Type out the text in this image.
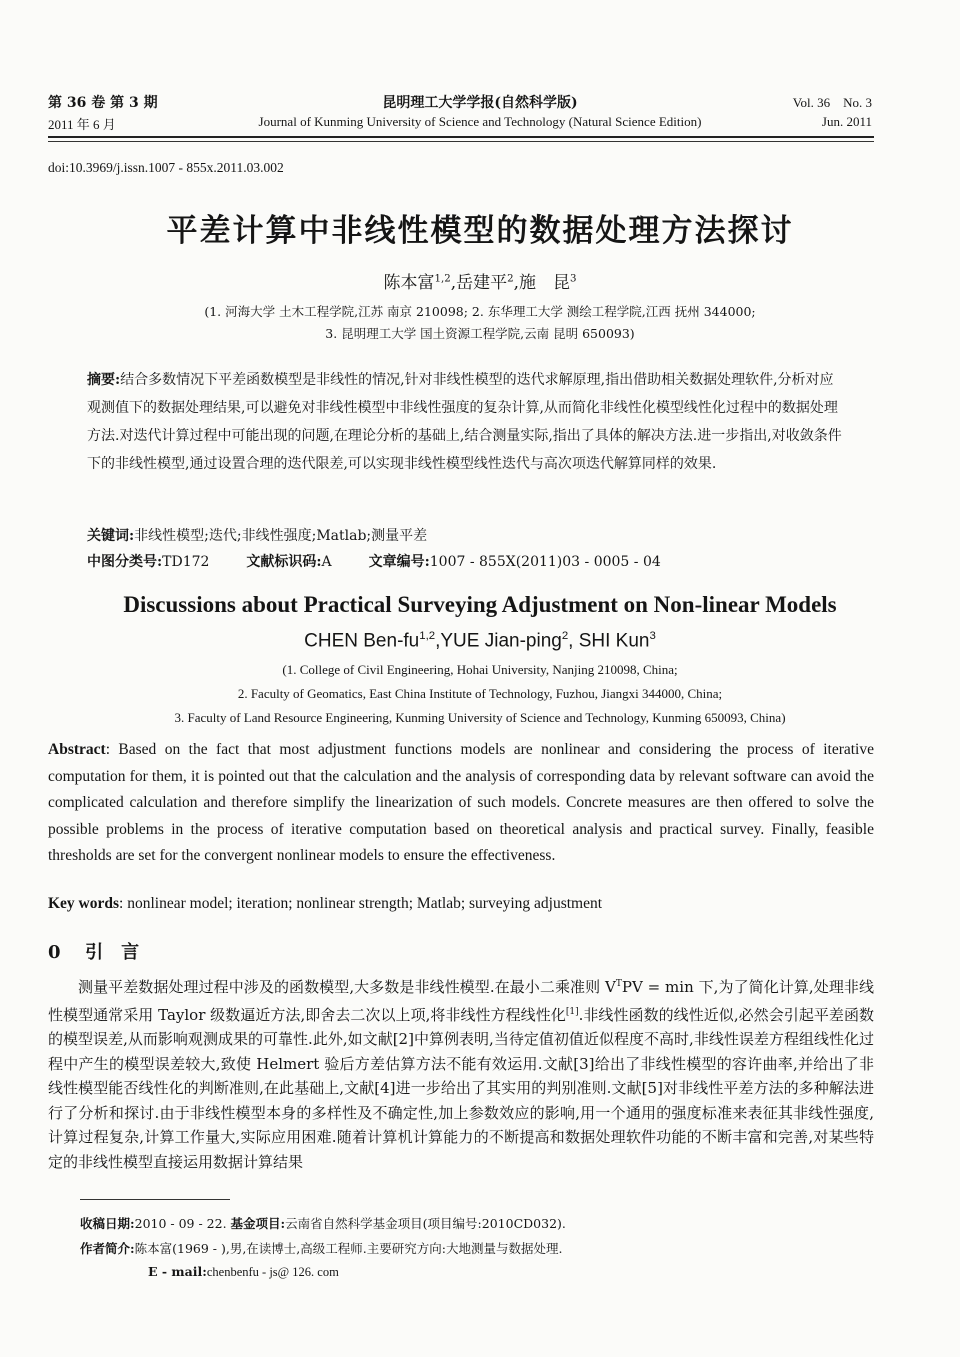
第 36 卷 第 3 期
2011 年 6 月
昆明理工大学学报(自然科学版)
Journal of Kunming University of Science and Technology (Natural Science Edition)
Vol. 36　No. 3
Jun. 2011
doi:10.3969/j.issn.1007 - 855x.2011.03.002
平差计算中非线性模型的数据处理方法探讨
陈本富$^{1,2}$,岳建平$^2$,施　昆$^3$
(1. 河海大学 土木工程学院,江苏 南京 210098; 2. 东华理工大学 测绘工程学院,江西 抚州 344000;
3. 昆明理工大学 国土资源工程学院,云南 昆明 650093)
摘要:结合多数情况下平差函数模型是非线性的情况,针对非线性模型的迭代求解原理,指出借助相关数据处理软件,分析对应观测值下的数据处理结果,可以避免对非线性模型中非线性强度的复杂计算,从而简化非线性化模型线性化过程中的数据处理方法.对迭代计算过程中可能出现的问题,在理论分析的基础上,结合测量实际,指出了具体的解决方法.进一步指出,对收敛条件下的非线性模型,通过设置合理的迭代限差,可以实现非线性模型线性迭代与高次项迭代解算同样的效果.
关键词:非线性模型;迭代;非线性强度;Matlab;测量平差
中图分类号:TD172	文献标识码:A	文章编号:1007 - 855X(2011)03 - 0005 - 04
Discussions about Practical Surveying Adjustment on Non-linear Models
CHEN Ben-fu$^{1,2}$,YUE Jian-ping$^2$, SHI Kun$^3$
(1. College of Civil Engineering, Hohai University, Nanjing 210098, China;
2. Faculty of Geomatics, East China Institute of Technology, Fuzhou, Jiangxi 344000, China;
3. Faculty of Land Resource Engineering, Kunming University of Science and Technology, Kunming 650093, China)
Abstract: Based on the fact that most adjustment functions models are nonlinear and considering the process of iterative computation for them, it is pointed out that the calculation and the analysis of corresponding data by relevant software can avoid the complicated calculation and therefore simplify the linearization of such models. Concrete measures are then offered to solve the possible problems in the process of iterative computation based on theoretical analysis and practical survey. Finally, feasible thresholds are set for the convergent nonlinear models to ensure the effectiveness.
Key words: nonlinear model; iteration; nonlinear strength; Matlab; surveying adjustment
0 引　言
测量平差数据处理过程中涉及的函数模型,大多数是非线性模型.在最小二乘准则 $V^TPV = \min$ 下,为了简化计算,处理非线性模型通常采用 Taylor 级数逼近方法,即舍去二次以上项,将非线性方程线性化[1].非线性函数的线性近似,必然会引起平差函数的模型误差,从而影响观测成果的可靠性.此外,如文献[2]中算例表明,当待定值初值近似程度不高时,非线性误差方程组线性化过程中产生的模型误差较大,致使 Helmert 验后方差估算方法不能有效运用.文献[3]给出了非线性模型的容许曲率,并给出了非线性模型能否线性化的判断准则,在此基础上,文献[4]进一步给出了其实用的判别准则.文献[5]对非线性平差方法的多种解法进行了分析和探讨.由于非线性模型本身的多样性及不确定性,加上参数效应的影响,用一个通用的强度标准来表征其非线性强度,计算过程复杂,计算工作量大,实际应用困难.随着计算机计算能力的不断提高和数据处理软件功能的不断丰富和完善,对某些特定的非线性模型直接运用数据计算结果
收稿日期:2010 - 09 - 22. 基金项目:云南省自然科学基金项目(项目编号:2010CD032).
作者简介:陈本富(1969 - ),男,在读博士,高级工程师.主要研究方向:大地测量与数据处理.
E - mail:chenbenfu - js@ 126. com
